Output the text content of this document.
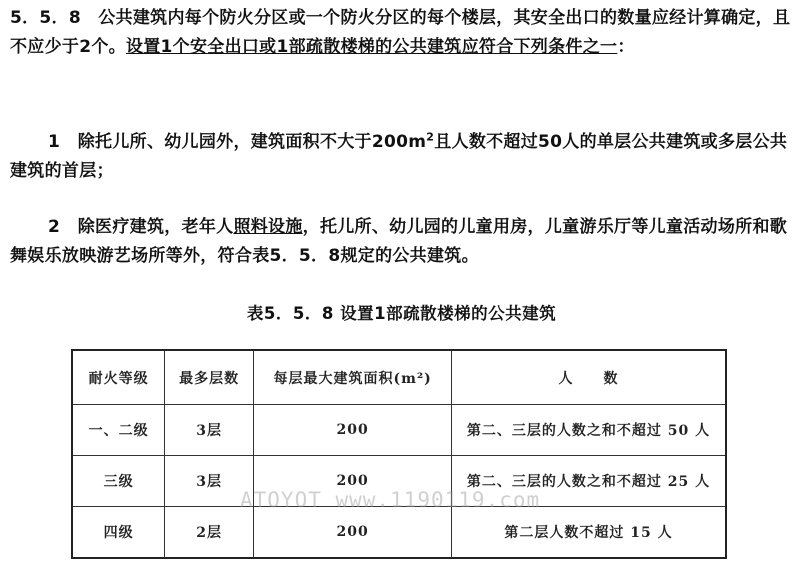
5．5．8　公共建筑内每个防火分区或一个防火分区的每个楼层，其安全出口的数量应经计算确定，且不应少于2个。设置1个安全出口或1部疏散楼梯的公共建筑应符合下列条件之一：
1   除托儿所、幼儿园外，建筑面积不大于$200m^2$且人数不超过50人的单层公共建筑或多层公共建筑的首层；
2   除医疗建筑，老年人照料设施，托儿所、幼儿园的儿童用房，儿童游乐厅等儿童活动场所和歌舞娱乐放映游艺场所等外，符合表5．5．8规定的公共建筑。
表5．5．8 设置1部疏散楼梯的公共建筑
耐火等级	最多层数	每层最大建筑面积(m²)	人　　数
一、二级	3层	200	第二、三层的人数之和不超过 50 人
三级	3层	200	第二、三层的人数之和不超过 25 人
四级	2层	200	第二层人数不超过 15 人
ATOYOT www.1190119.com
